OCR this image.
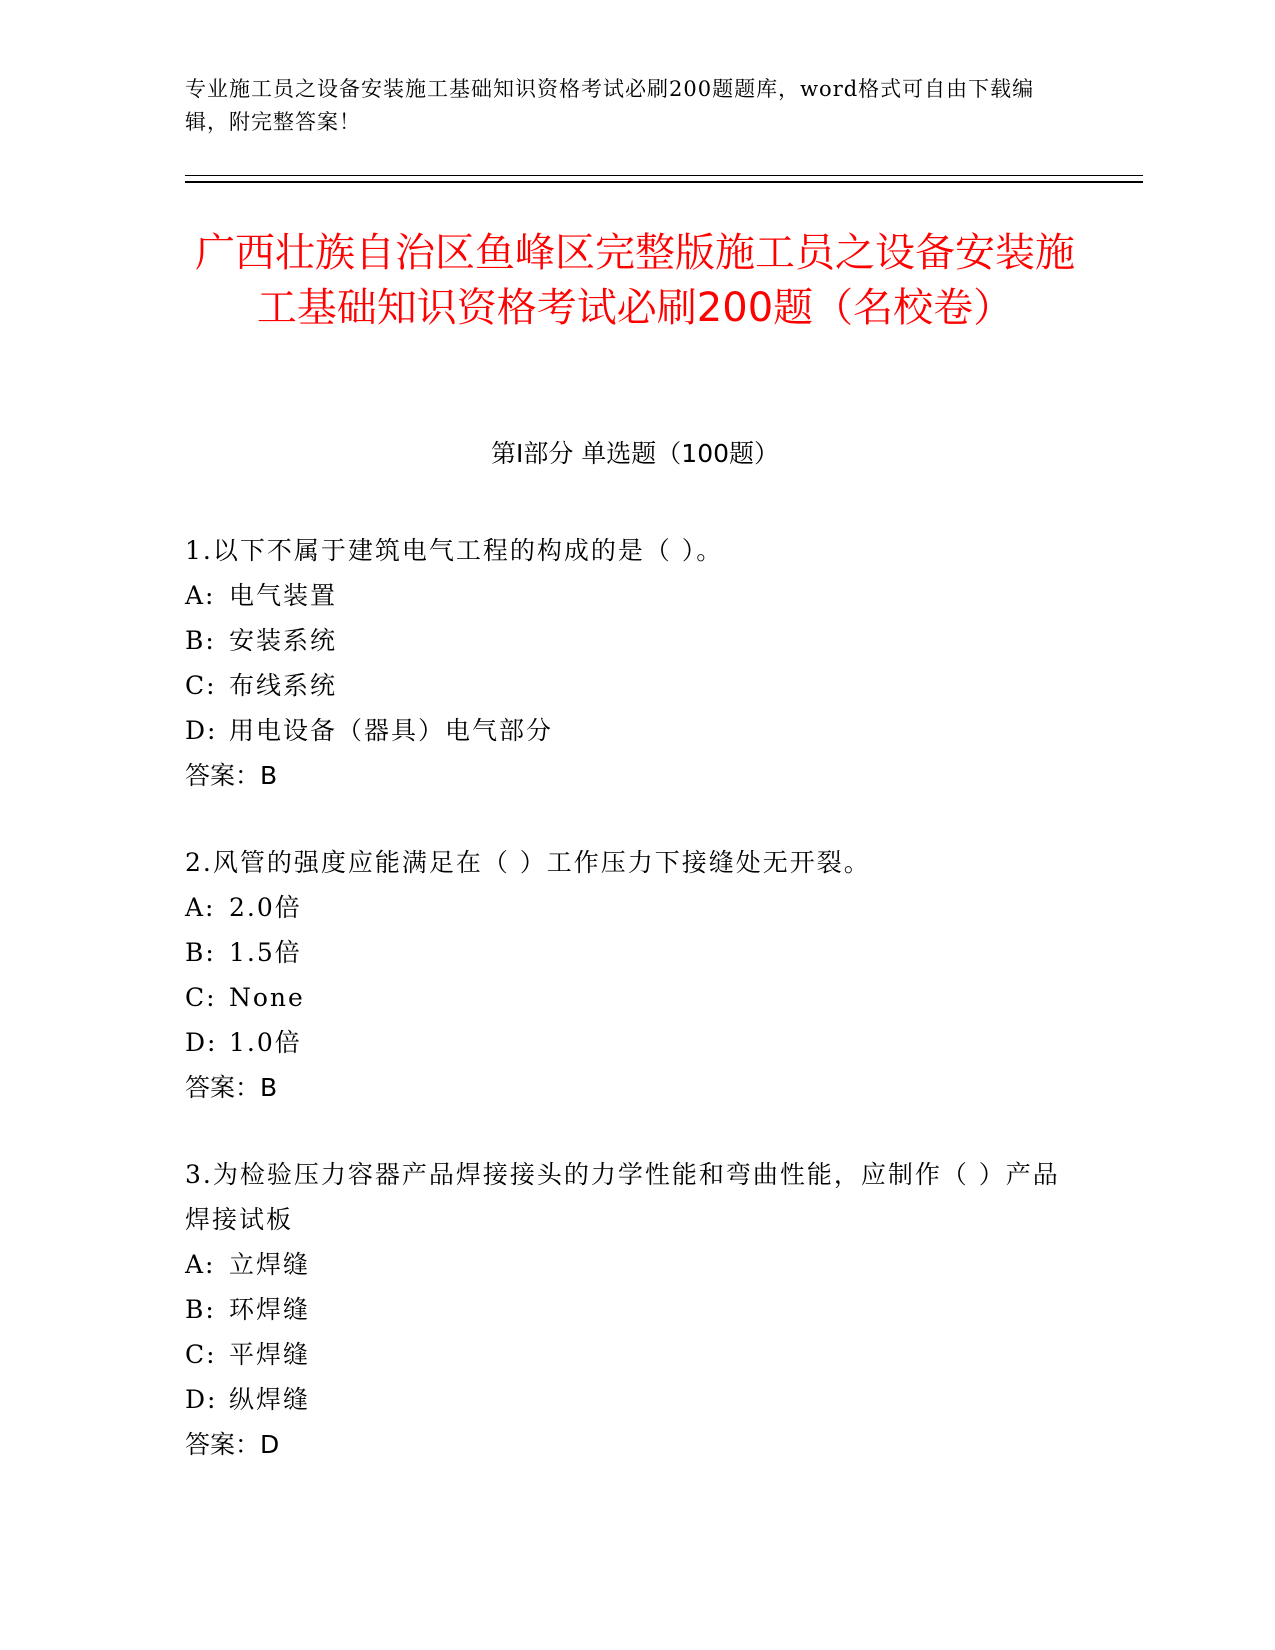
专业施工员之设备安装施工基础知识资格考试必刷200题题库，word格式可自由下载编辑，附完整答案！
广西壮族自治区鱼峰区完整版施工员之设备安装施工基础知识资格考试必刷200题（名校卷）
第I部分 单选题（100题）

1.以下不属于建筑电气工程的构成的是（ ）。

A: 电气装置

B: 安装系统

C: 布线系统

D: 用电设备（器具）电气部分

答案：B

2.风管的强度应能满足在（ ）工作压力下接缝处无开裂。

A: 2.0倍

B: 1.5倍

C: None

D: 1.0倍

答案：B

3.为检验压力容器产品焊接接头的力学性能和弯曲性能，应制作（ ）产品焊接试板

A: 立焊缝

B: 环焊缝

C: 平焊缝

D: 纵焊缝

答案：D
